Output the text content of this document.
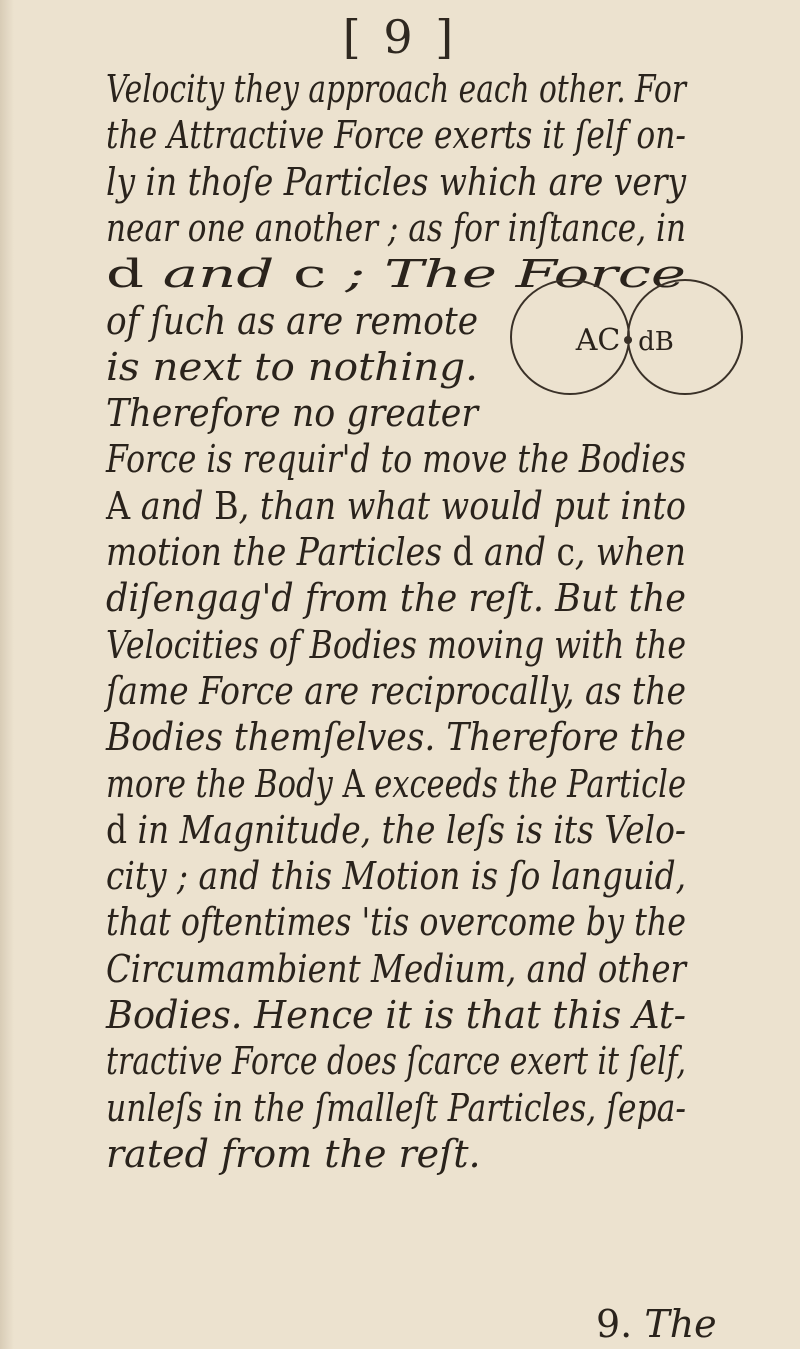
[ 9 ]
Velocity they approach each other. For
the Attractive Force exerts it ſelf on-
ly in thoſe Particles which are very
near one another ; as for inſtance, in
d and c ; The Force
of ſuch as are remote
is next to nothing.
Therefore no greater
Force is requir'd to move the Bodies
A and B, than what would put into
motion the Particles d and c, when
diſengag'd from the reſt. But the
Velocities of Bodies moving with the
ſame Force are reciprocally, as the
Bodies themſelves. Therefore the
more the Body A exceeds the Particle
d in Magnitude, the leſs is its Velo-
city ; and this Motion is ſo languid,
that oftentimes 'tis overcome by the
Circumambient Medium, and other
Bodies. Hence it is that this At-
tractive Force does ſcarce exert it ſelf,
unleſs in the ſmalleſt Particles, ſepa-
rated from the reſt.
AC dB
9. The
